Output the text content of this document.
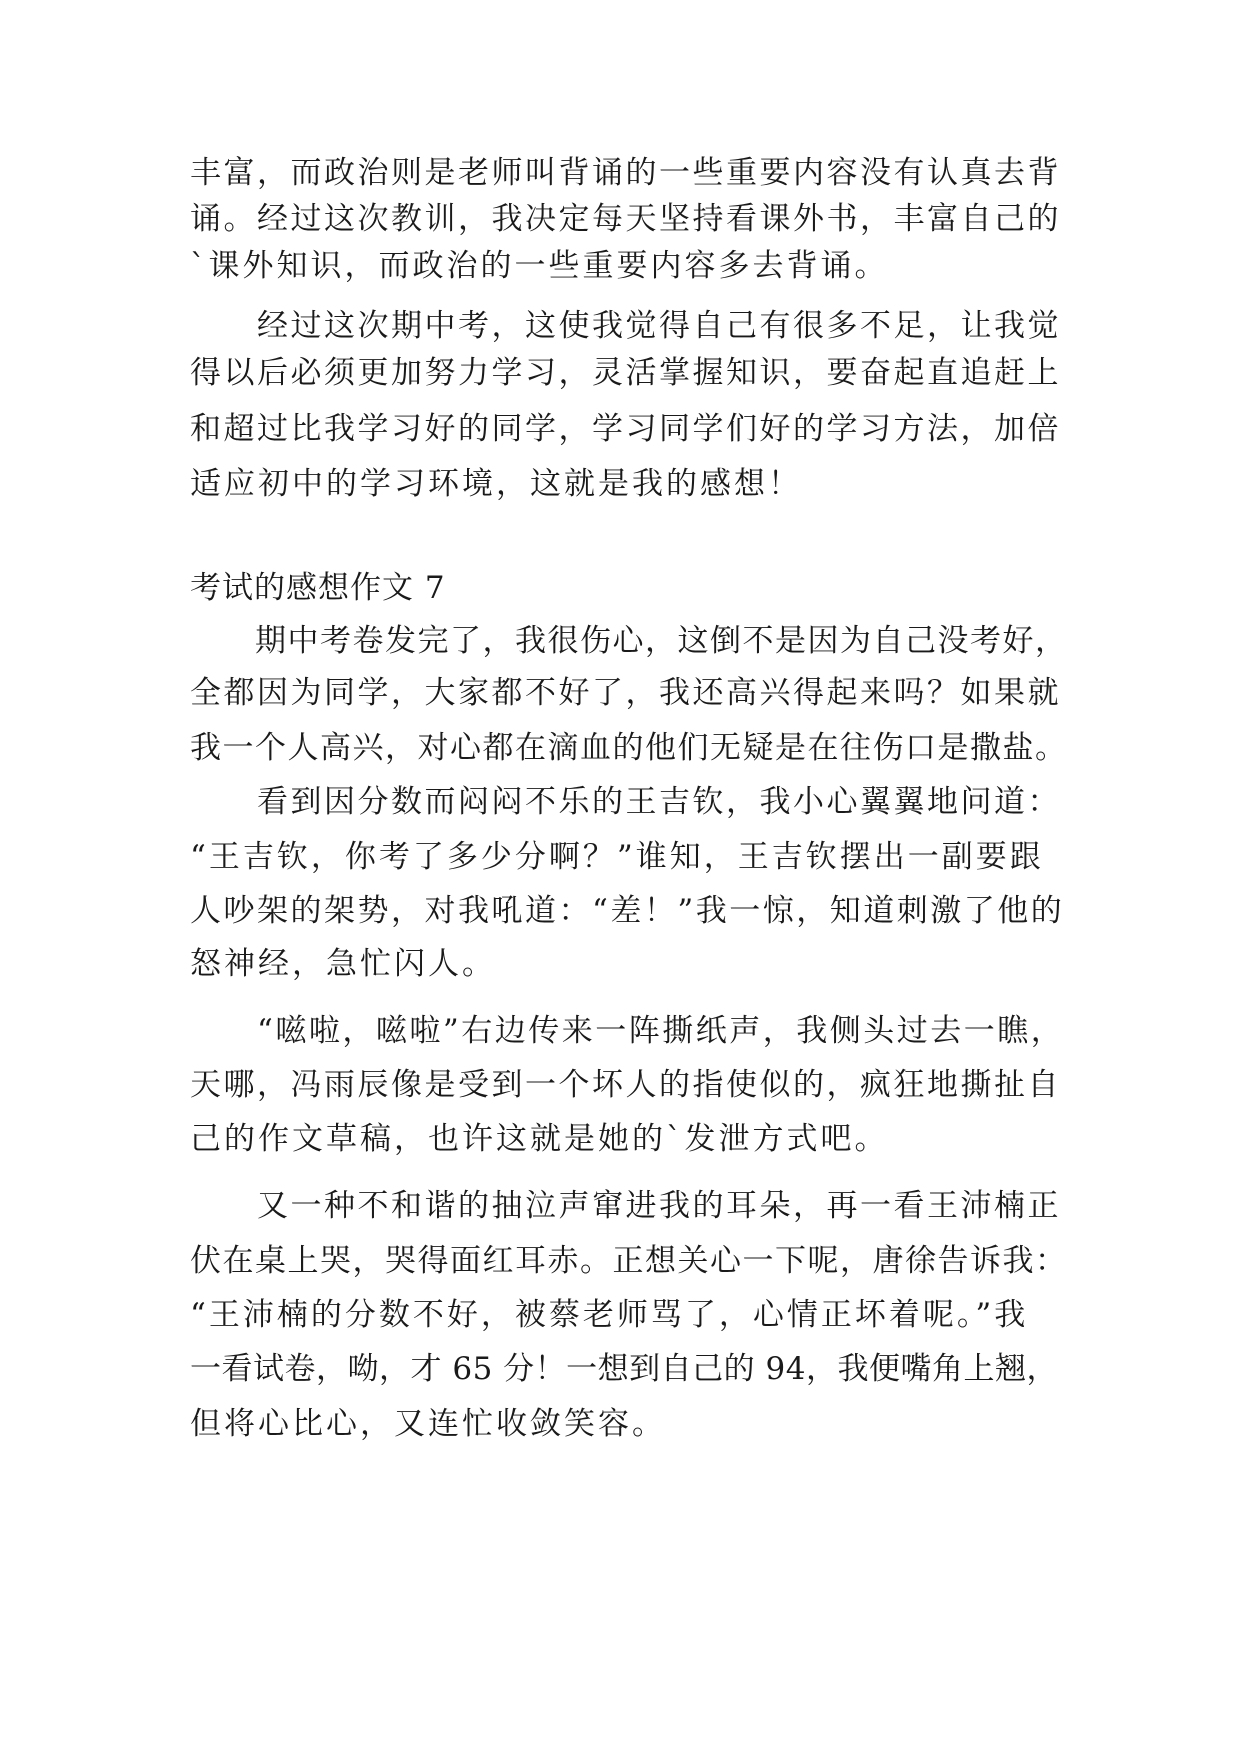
丰富，而政治则是老师叫背诵的一些重要内容没有认真去背
诵。经过这次教训，我决定每天坚持看课外书，丰富自己的
`课外知识，而政治的一些重要内容多去背诵。
　　经过这次期中考，这使我觉得自己有很多不足，让我觉
得以后必须更加努力学习，灵活掌握知识，要奋起直追赶上
和超过比我学习好的同学，学习同学们好的学习方法，加倍
适应初中的学习环境，这就是我的感想！
考试的感想作文 7
　　期中考卷发完了，我很伤心，这倒不是因为自己没考好，
全都因为同学，大家都不好了，我还高兴得起来吗？如果就
我一个人高兴，对心都在滴血的他们无疑是在往伤口是撒盐。
　　看到因分数而闷闷不乐的王吉钦，我小心翼翼地问道：
“王吉钦，你考了多少分啊？”谁知，王吉钦摆出一副要跟
人吵架的架势，对我吼道：“差！”我一惊，知道刺激了他的
怒神经，急忙闪人。
　　“嗞啦，嗞啦”右边传来一阵撕纸声，我侧头过去一瞧，
天哪，冯雨辰像是受到一个坏人的指使似的，疯狂地撕扯自
己的作文草稿，也许这就是她的`发泄方式吧。
　　又一种不和谐的抽泣声窜进我的耳朵，再一看王沛楠正
伏在桌上哭，哭得面红耳赤。正想关心一下呢，唐徐告诉我：
“王沛楠的分数不好，被蔡老师骂了，心情正坏着呢。”我
一看试卷，呦，才 65 分！一想到自己的 94，我便嘴角上翘，
但将心比心，又连忙收敛笑容。
